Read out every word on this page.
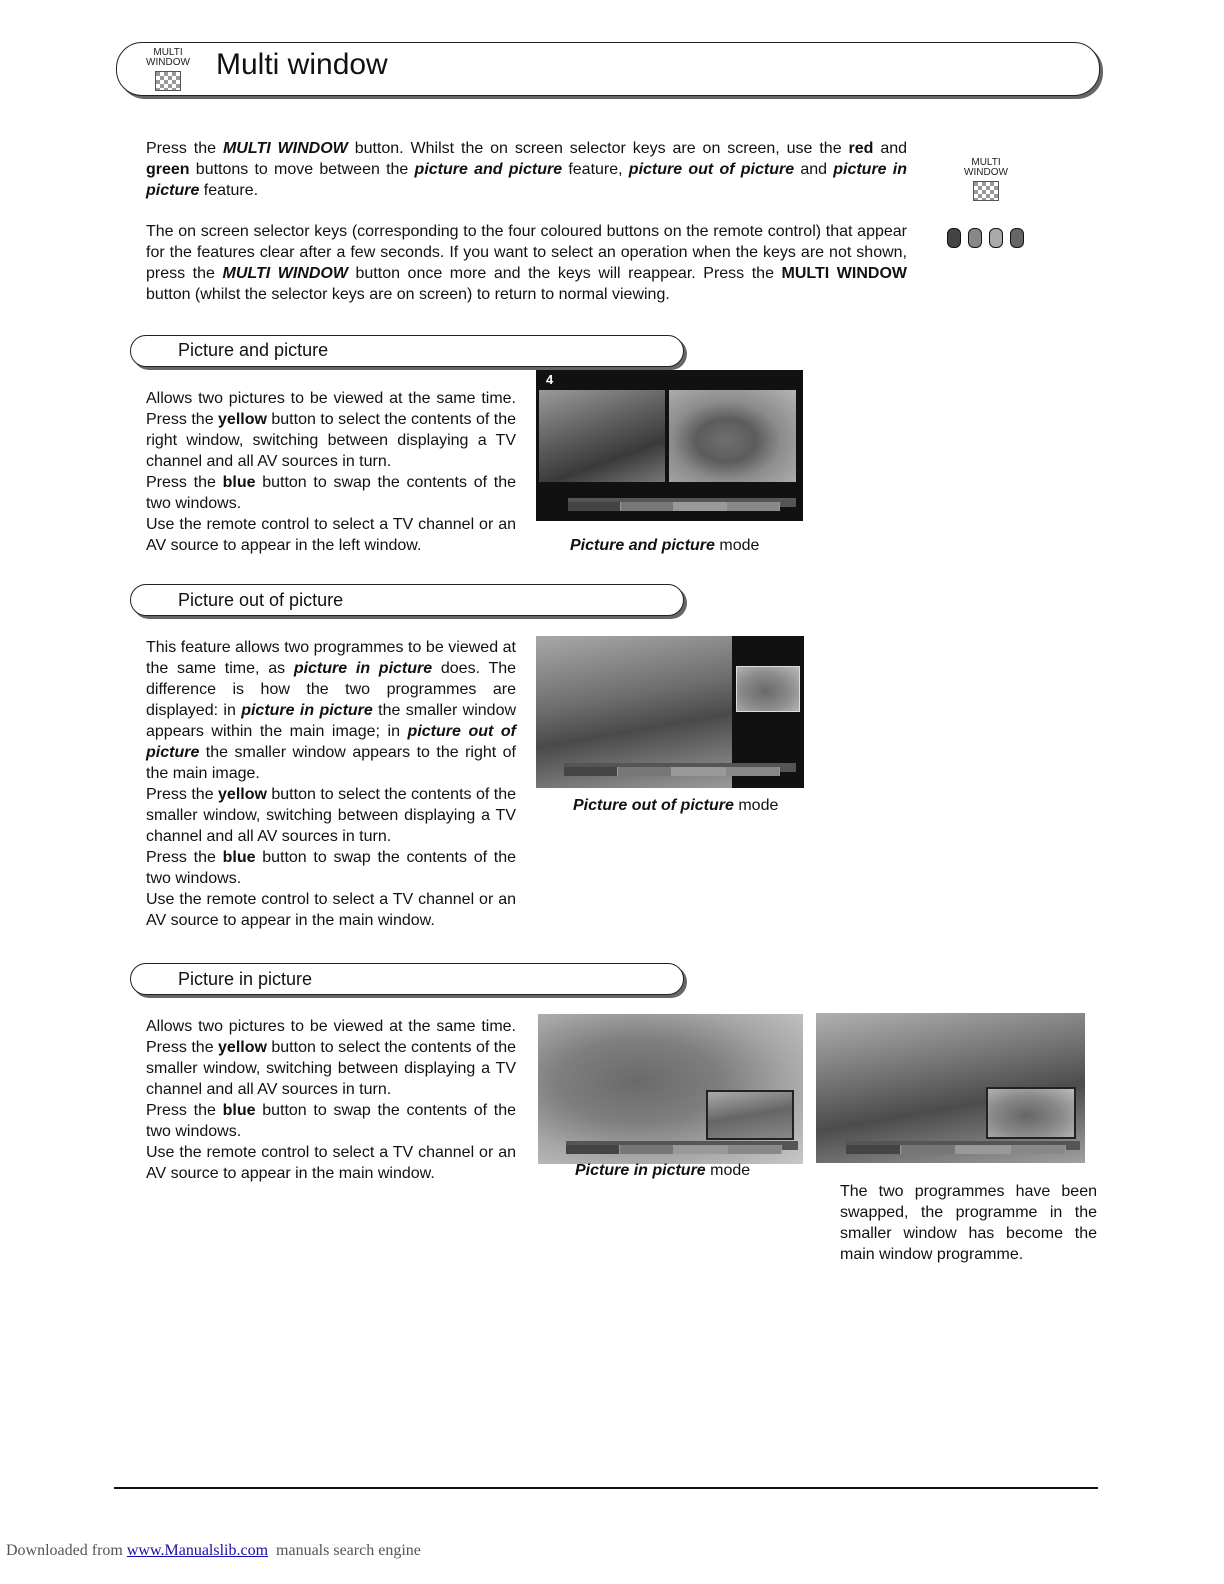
MULTI
WINDOW Multi window
Press the MULTI WINDOW button. Whilst the on screen selector keys are on screen, use the red and green buttons to move between the picture and picture feature, picture out of picture and picture in picture feature.
The on screen selector keys (corresponding to the four coloured buttons on the remote control) that appear for the features clear after a few seconds. If you want to select an operation when the keys are not shown, press the MULTI WINDOW button once more and the keys will reappear. Press the MULTI WINDOW button (whilst the selector keys are on screen) to return to normal viewing.
MULTI
WINDOW
Picture and picture
Allows two pictures to be viewed at the same time. Press the yellow button to select the contents of the right window, switching between displaying a TV channel and all AV sources in turn.
Press the blue button to swap the contents of the two windows.
Use the remote control to select a TV channel or an AV source to appear in the left window.
4
Picture and picture mode
Picture out of picture
This feature allows two programmes to be viewed at the same time, as picture in picture does. The difference is how the two programmes are displayed: in picture in picture the smaller window appears within the main image; in picture out of picture the smaller window appears to the right of the main image.
Press the yellow button to select the contents of the smaller window, switching between displaying a TV channel and all AV sources in turn.
Press the blue button to swap the contents of the two windows.
Use the remote control to select a TV channel or an AV source to appear in the main window.
Picture out of picture mode
Picture in picture
Allows two pictures to be viewed at the same time. Press the yellow button to select the contents of the smaller window, switching between displaying a TV channel and all AV sources in turn.
Press the blue button to swap the contents of the two windows.
Use the remote control to select a TV channel or an AV source to appear in the main window.	Picture in picture mode
The two programmes have been swapped, the programme in the smaller window has become the main window programme.
Downloaded from www.Manualslib.com  manuals search engine
